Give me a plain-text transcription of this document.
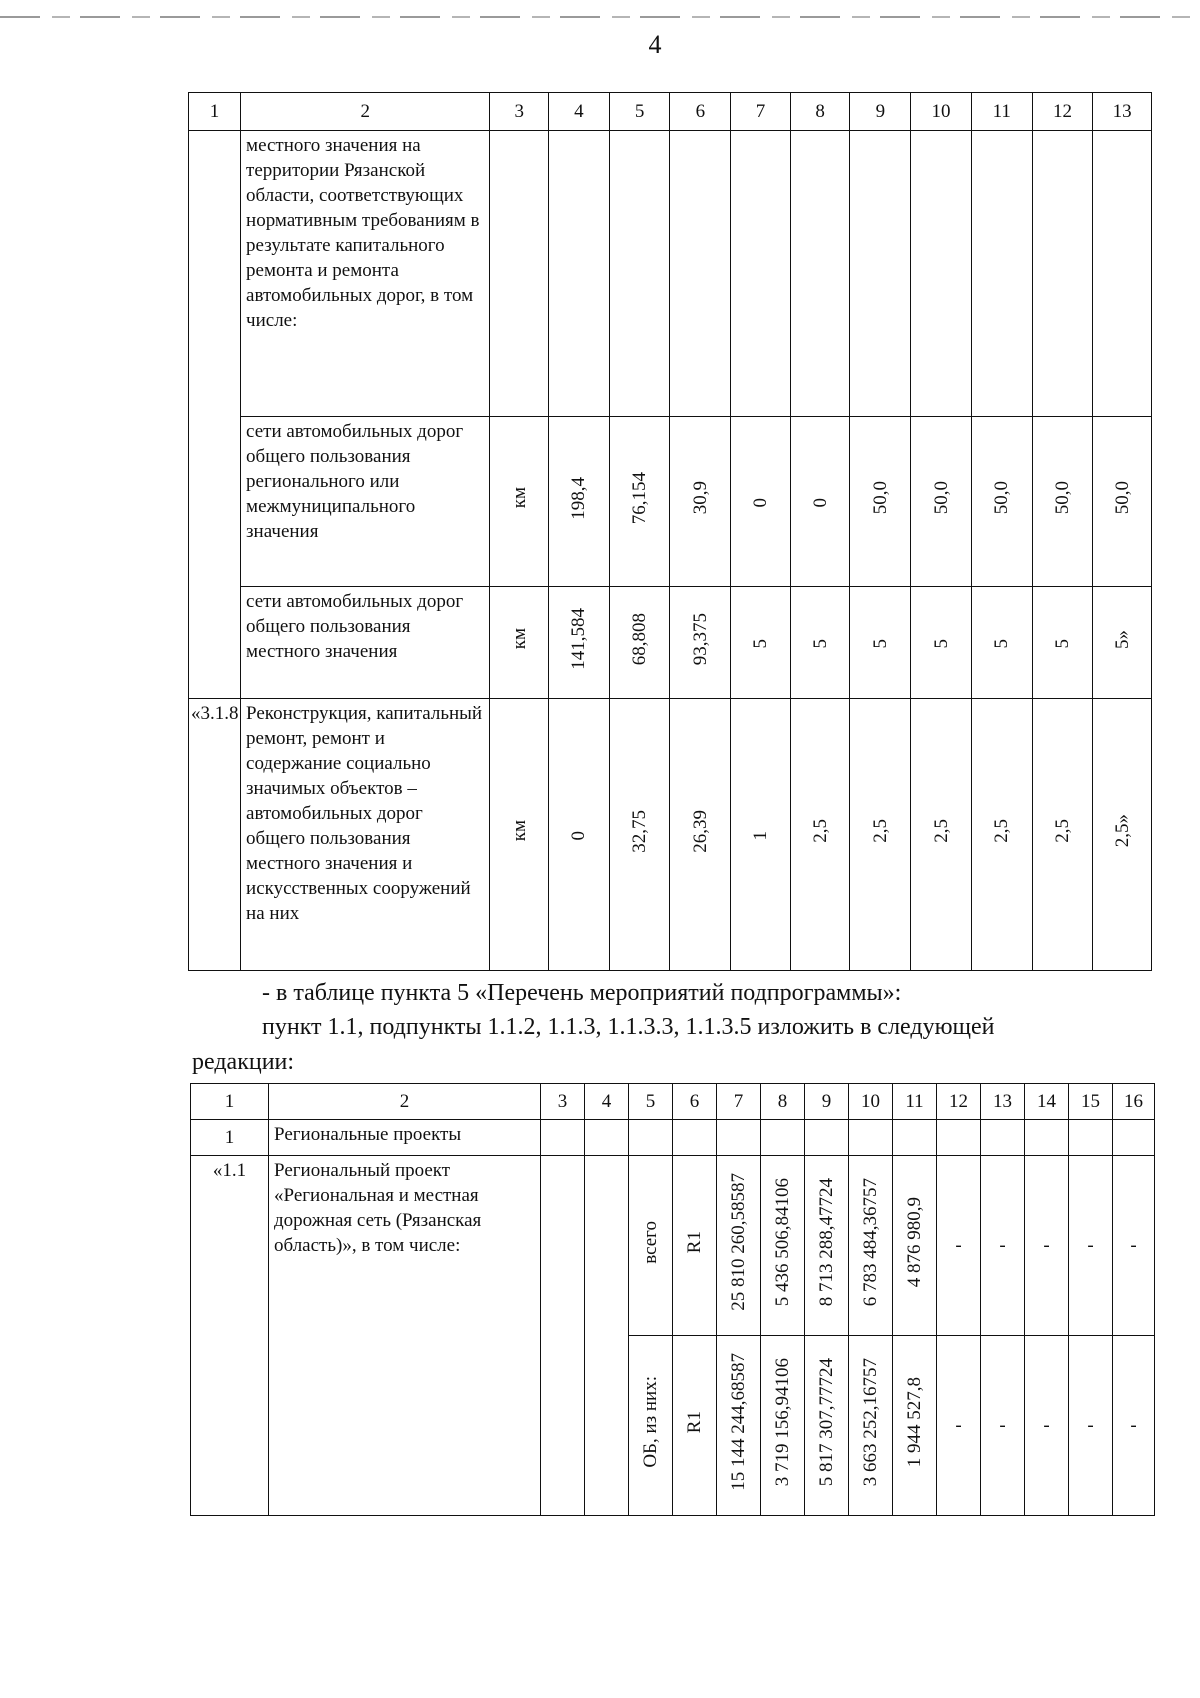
4
1	2	3	4	5	6	7	8	9	10	11	12	13
	местного значения на территории Рязанской области, соответствующих нормативным требованиям в результате капитального ремонта и ремонта автомобильных дорог, в том числе:											
	сети автомобильных дорог общего пользования регионального или межмуниципального значения	км	198,4	76,154	30,9	0	0	50,0	50,0	50,0	50,0	50,0
	сети автомобильных дорог общего пользования местного значения	км	141,584	68,808	93,375	5	5	5	5	5	5	5»
«3.1.8	Реконструкция, капитальный ремонт, ремонт и содержание социально значимых объектов – автомобильных дорог общего пользования местного значения и искусственных сооружений на них	км	0	32,75	26,39	1	2,5	2,5	2,5	2,5	2,5	2,5»
- в таблице пункта 5 «Перечень мероприятий подпрограммы»:
пункт 1.1, подпункты 1.1.2, 1.1.3, 1.1.3.3, 1.1.3.5 изложить в следующей
редакции:
1	2	3	4	5	6	7	8	9	10	11	12	13	14	15	16
1	Региональные проекты														
«1.1	Региональный проект «Региональная и местная дорожная сеть (Рязанская область)», в том числе:			всего	R1	25 810 260,58587	5 436 506,84106	8 713 288,47724	6 783 484,36757	4 876 980,9	-	-	-	-	-
				ОБ, из них:	R1	15 144 244,68587	3 719 156,94106	5 817 307,77724	3 663 252,16757	1 944 527,8	-	-	-	-	-
